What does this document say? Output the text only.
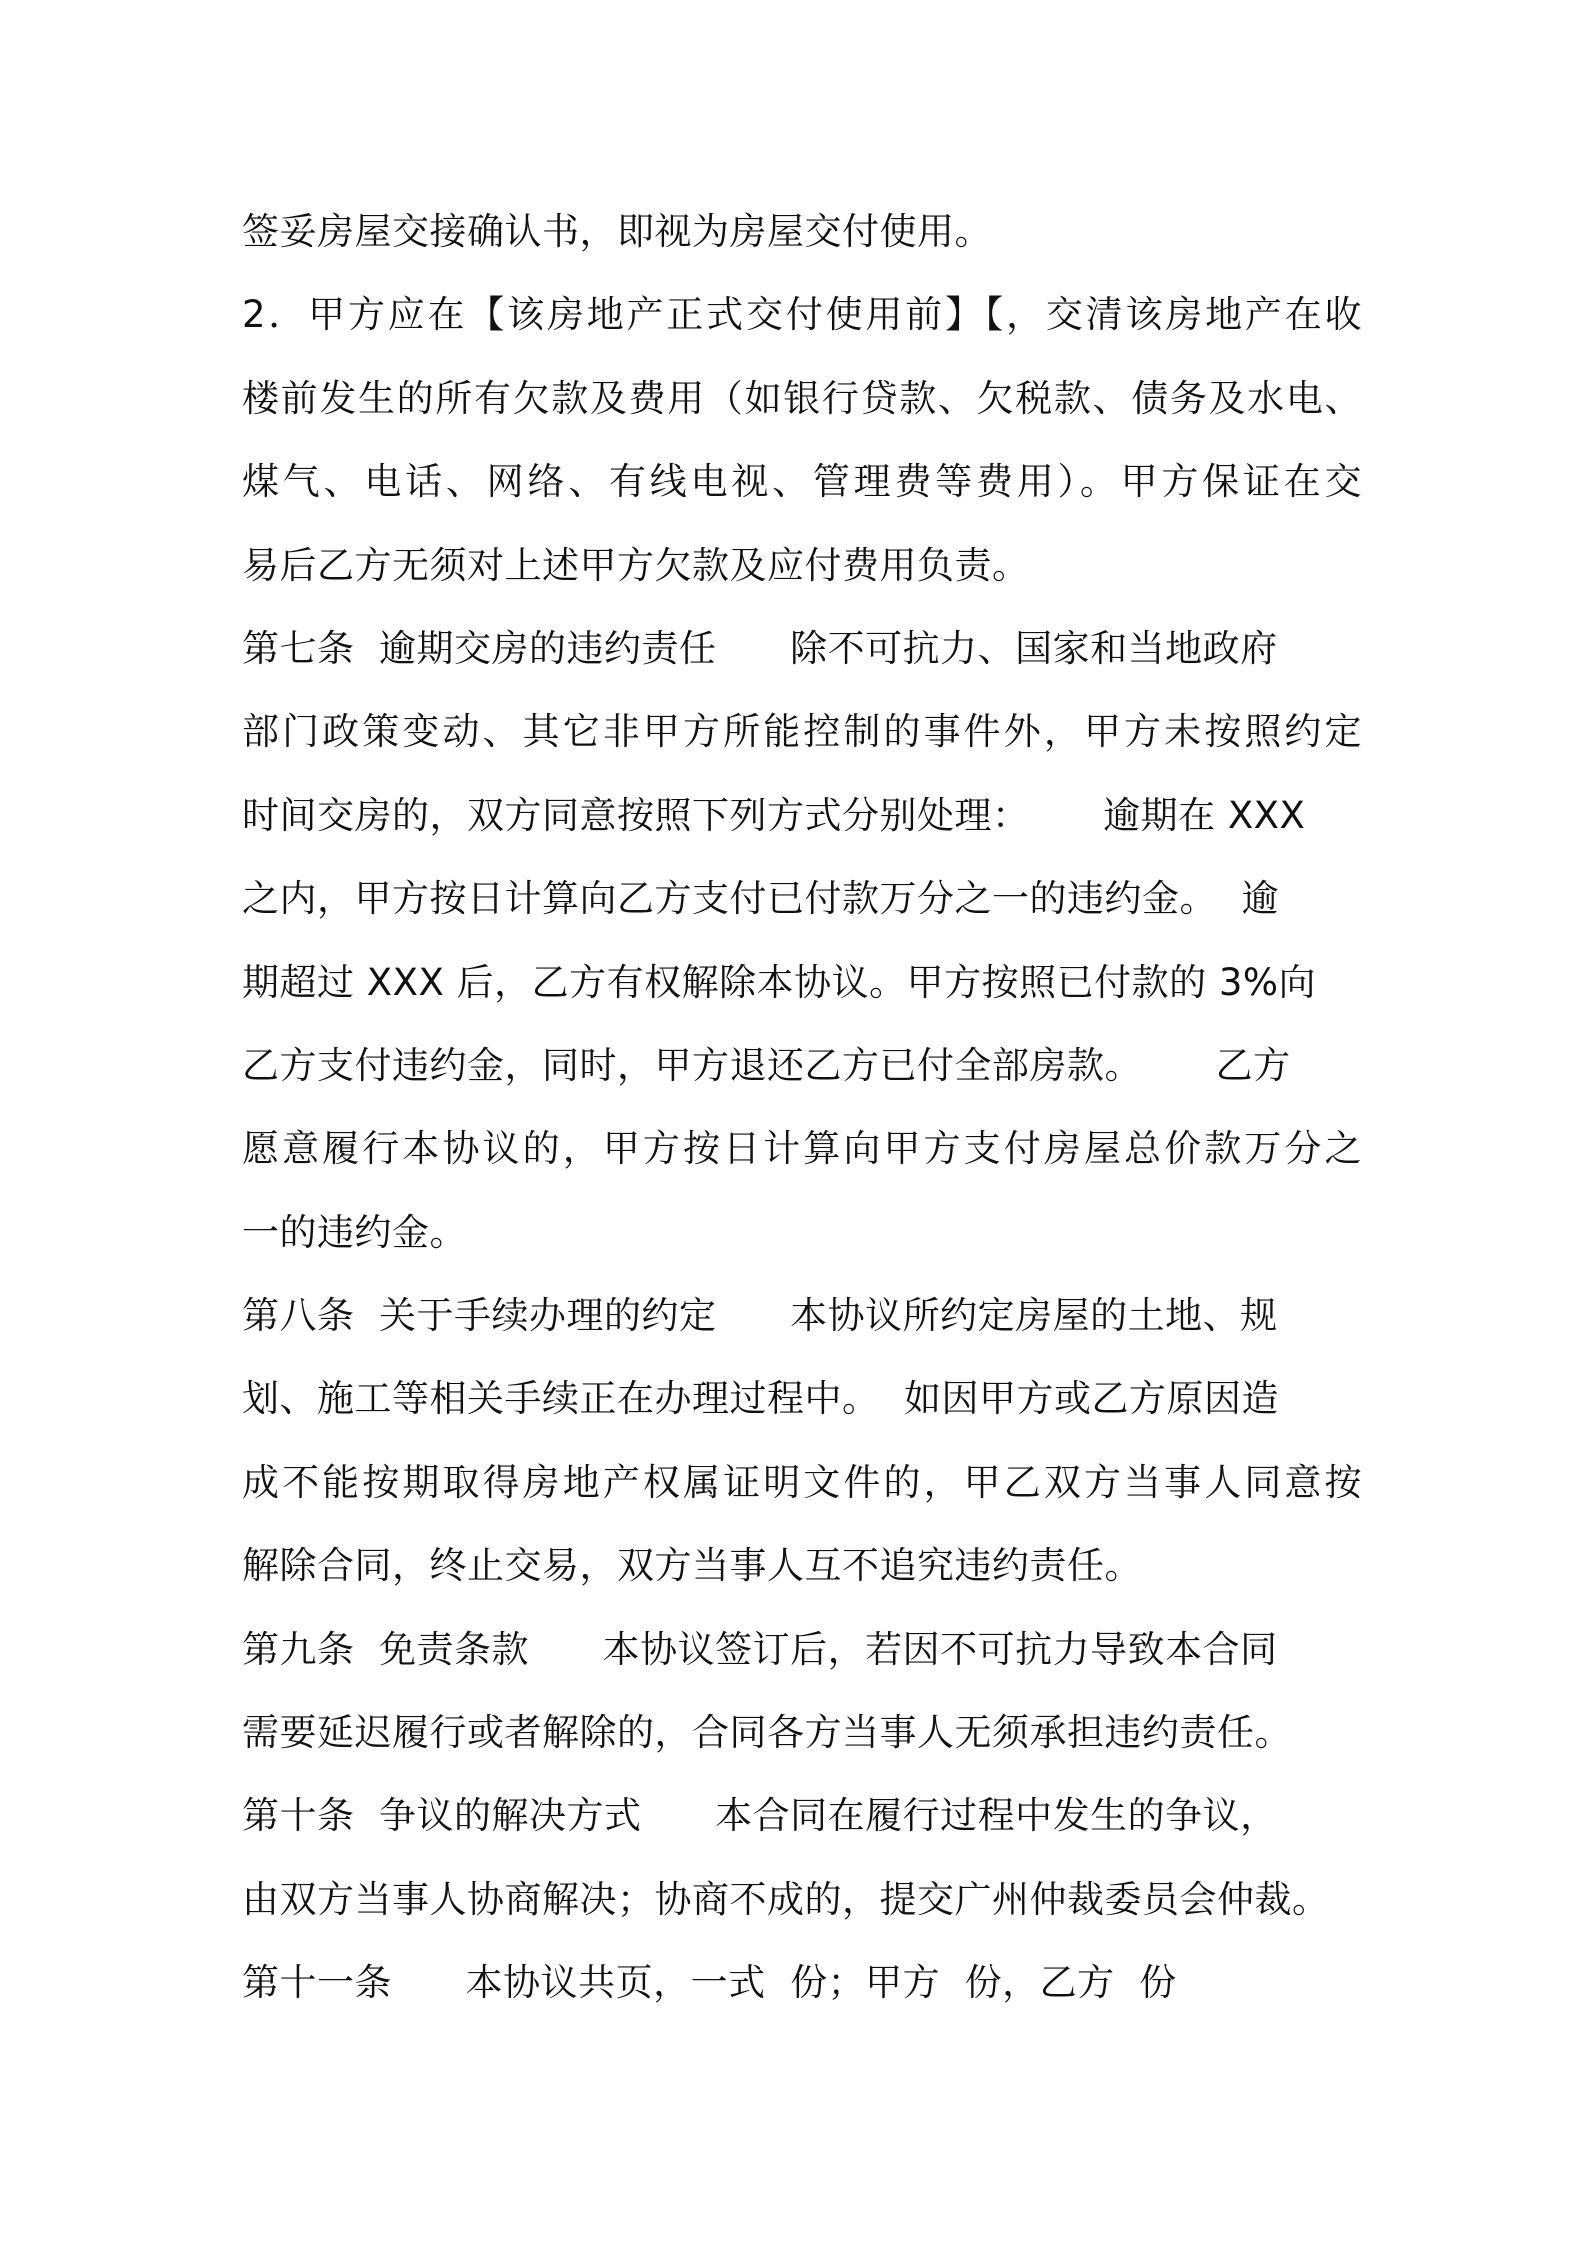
签妥房屋交接确认书，即视为房屋交付使用。
2．甲方应在【该房地产正式交付使用前】【，交清该房地产在收
楼前发生的所有欠款及费用（如银行贷款、欠税款、债务及水电、
煤气、电话、网络、有线电视、管理费等费用）。甲方保证在交
易后乙方无须对上述甲方欠款及应付费用负责。
第七条  逾期交房的违约责任      除不可抗力、国家和当地政府
部门政策变动、其它非甲方所能控制的事件外，甲方未按照约定
时间交房的，双方同意按照下列方式分别处理：      逾期在 XXX
之内，甲方按日计算向乙方支付已付款万分之一的违约金。  逾
期超过 XXX 后，乙方有权解除本协议。甲方按照已付款的 3%向
乙方支付违约金，同时，甲方退还乙方已付全部房款。      乙方
愿意履行本协议的，甲方按日计算向甲方支付房屋总价款万分之
一的违约金。
第八条  关于手续办理的约定      本协议所约定房屋的土地、规
划、施工等相关手续正在办理过程中。  如因甲方或乙方原因造
成不能按期取得房地产权属证明文件的，甲乙双方当事人同意按
解除合同，终止交易，双方当事人互不追究违约责任。
第九条  免责条款      本协议签订后，若因不可抗力导致本合同
需要延迟履行或者解除的，合同各方当事人无须承担违约责任。
第十条  争议的解决方式      本合同在履行过程中发生的争议，
由双方当事人协商解决；协商不成的，提交广州仲裁委员会仲裁。
第十一条      本协议共页，一式  份；甲方  份，乙方  份
